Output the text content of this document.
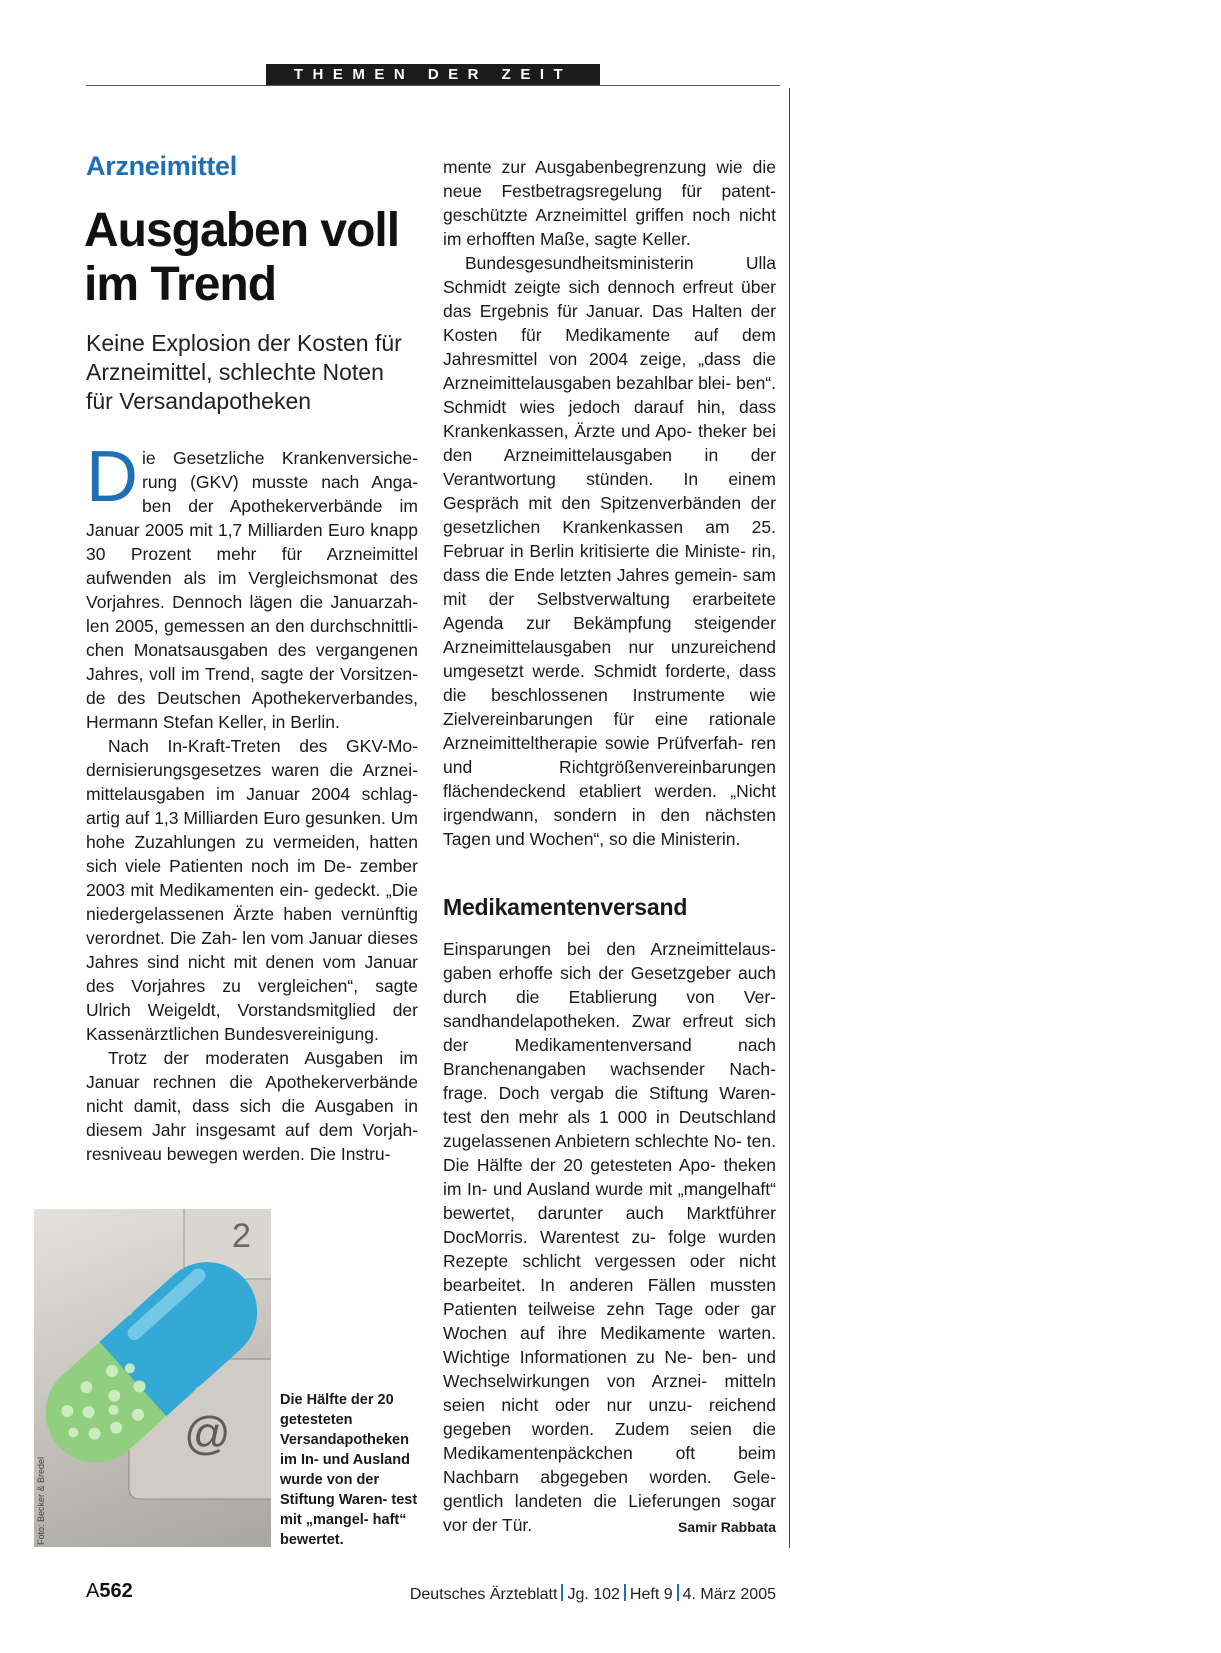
THEMEN DER ZEIT
Arzneimittel
Ausgaben voll im Trend
Keine Explosion der Kosten für Arzneimittel, schlechte Noten für Versandapotheken

Die Gesetzliche Krankenversiche- rung (GKV) musste nach Anga- ben der Apothekerverbände im Januar 2005 mit 1,7 Milliarden Euro knapp 30 Prozent mehr für Arzneimittel aufwenden als im Vergleichsmonat des Vorjahres. Dennoch lägen die Januarzah- len 2005, gemessen an den durchschnittli- chen Monatsausgaben des vergangenen Jahres, voll im Trend, sagte der Vorsitzen- de des Deutschen Apothekerverbandes, Hermann Stefan Keller, in Berlin.

Nach In-Kraft-Treten des GKV-Mo- dernisierungsgesetzes waren die Arznei- mittelausgaben im Januar 2004 schlag- artig auf 1,3 Milliarden Euro gesunken. Um hohe Zuzahlungen zu vermeiden, hatten sich viele Patienten noch im De- zember 2003 mit Medikamenten ein- gedeckt. „Die niedergelassenen Ärzte haben vernünftig verordnet. Die Zah- len vom Januar dieses Jahres sind nicht mit denen vom Januar des Vorjahres zu vergleichen“, sagte Ulrich Weigeldt, Vorstandsmitglied der Kassenärztlichen Bundesvereinigung.

Trotz der moderaten Ausgaben im Januar rechnen die Apothekerverbände nicht damit, dass sich die Ausgaben in diesem Jahr insgesamt auf dem Vorjah- resniveau bewegen werden. Die Instru-

mente zur Ausgabenbegrenzung wie die neue Festbetragsregelung für patent- geschützte Arzneimittel griffen noch nicht im erhofften Maße, sagte Keller.

Bundesgesundheitsministerin Ulla Schmidt zeigte sich dennoch erfreut über das Ergebnis für Januar. Das Halten der Kosten für Medikamente auf dem Jahresmittel von 2004 zeige, „dass die Arzneimittelausgaben bezahlbar blei- ben“. Schmidt wies jedoch darauf hin, dass Krankenkassen, Ärzte und Apo- theker bei den Arzneimittelausgaben in der Verantwortung stünden. In einem Gespräch mit den Spitzenverbänden der gesetzlichen Krankenkassen am 25. Februar in Berlin kritisierte die Ministe- rin, dass die Ende letzten Jahres gemein- sam mit der Selbstverwaltung erarbeitete Agenda zur Bekämpfung steigender Arzneimittelausgaben nur unzureichend umgesetzt werde. Schmidt forderte, dass die beschlossenen Instrumente wie Zielvereinbarungen für eine rationale Arzneimitteltherapie sowie Prüfverfah- ren und Richtgrößenvereinbarungen flächendeckend etabliert werden. „Nicht irgendwann, sondern in den nächsten Tagen und Wochen“, so die Ministerin.

Medikamentenversand

Einsparungen bei den Arzneimittelaus- gaben erhoffe sich der Gesetzgeber auch durch die Etablierung von Ver- sandhandelapotheken. Zwar erfreut sich der Medikamentenversand nach Branchenangaben wachsender Nach- frage. Doch vergab die Stiftung Waren- test den mehr als 1 000 in Deutschland zugelassenen Anbietern schlechte No- ten. Die Hälfte der 20 getesteten Apo- theken im In- und Ausland wurde mit „mangelhaft“ bewertet, darunter auch Marktführer DocMorris. Warentest zu- folge wurden Rezepte schlicht vergessen oder nicht bearbeitet. In anderen Fällen mussten Patienten teilweise zehn Tage oder gar Wochen auf ihre Medikamente warten. Wichtige Informationen zu Ne- ben- und Wechselwirkungen von Arznei- mitteln seien nicht oder nur unzu- reichend gegeben worden. Zudem seien die Medikamentenpäckchen oft beim Nachbarn abgegeben worden. Gele- gentlich landeten die Lieferungen sogar vor der Tür.	Samir Rabbata
2
@
Foto: Becker & Bredel
Die Hälfte der 20 getesteten Versandapotheken im In- und Ausland wurde von der Stiftung Waren- test mit „mangel- haft“ bewertet.
A562	Deutsches Ärzteblatt Jg. 102 Heft 9 4. März 2005
